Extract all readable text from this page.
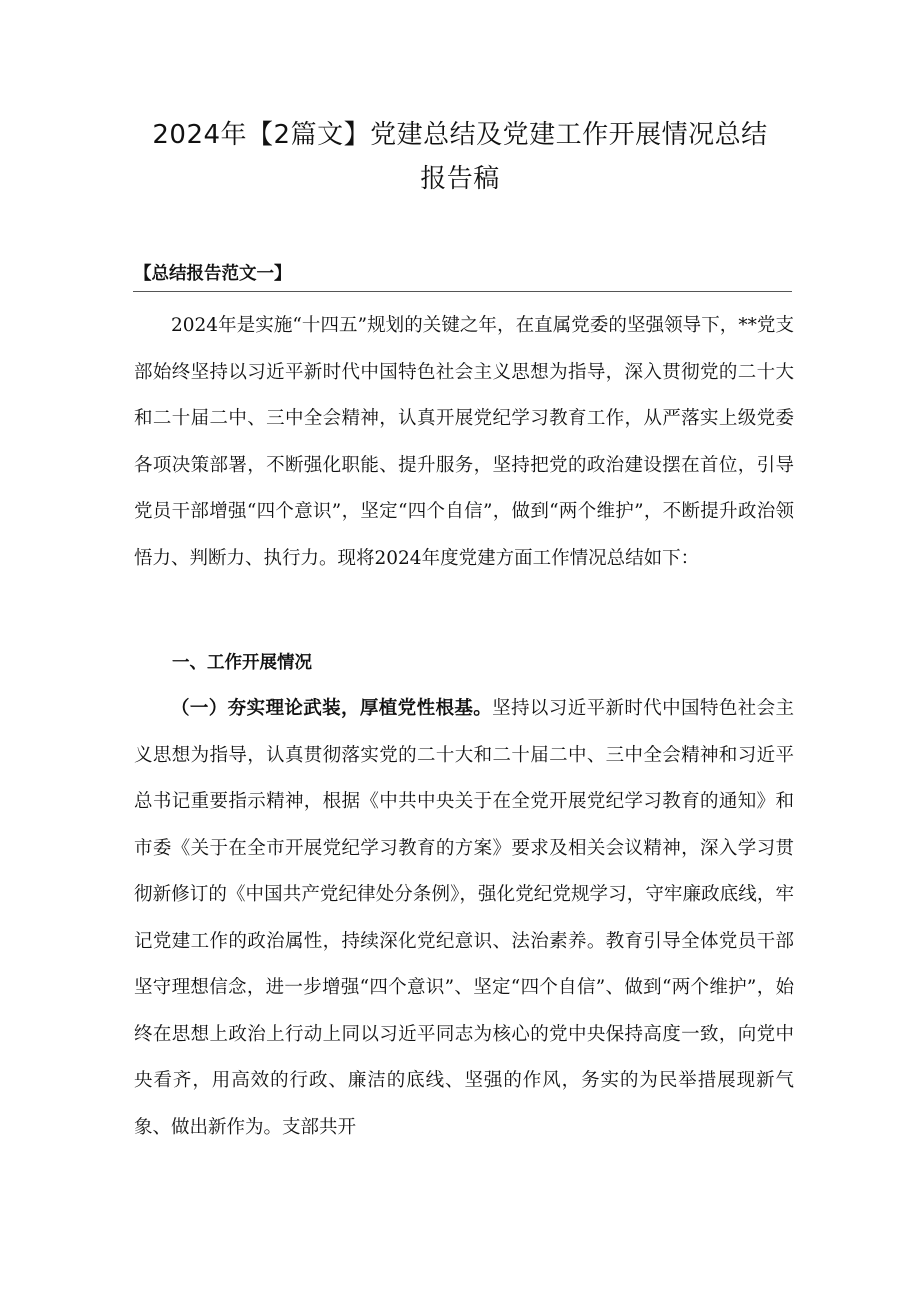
2024年【2篇文】党建总结及党建工作开展情况总结
报告稿
【总结报告范文一】

2024年是实施“十四五”规划的关键之年，在直属党委的坚强领导下，**党支部始终坚持以习近平新时代中国特色社会主义思想为指导，深入贯彻党的二十大和二十届二中、三中全会精神，认真开展党纪学习教育工作，从严落实上级党委各项决策部署，不断强化职能、提升服务，坚持把党的政治建设摆在首位，引导党员干部增强“四个意识”，坚定“四个自信”，做到“两个维护”，不断提升政治领悟力、判断力、执行力。现将2024年度党建方面工作情况总结如下：

一、工作开展情况

（一）夯实理论武装，厚植党性根基。坚持以习近平新时代中国特色社会主义思想为指导，认真贯彻落实党的二十大和二十届二中、三中全会精神和习近平总书记重要指示精神，根据《中共中央关于在全党开展党纪学习教育的通知》和市委《关于在全市开展党纪学习教育的方案》要求及相关会议精神，深入学习贯彻新修订的《中国共产党纪律处分条例》，强化党纪党规学习，守牢廉政底线，牢记党建工作的政治属性，持续深化党纪意识、法治素养。教育引导全体党员干部坚守理想信念，进一步增强“四个意识”、坚定“四个自信”、做到“两个维护”，始终在思想上政治上行动上同以习近平同志为核心的党中央保持高度一致，向党中央看齐，用高效的行政、廉洁的底线、坚强的作风，务实的为民举措展现新气象、做出新作为。支部共开
